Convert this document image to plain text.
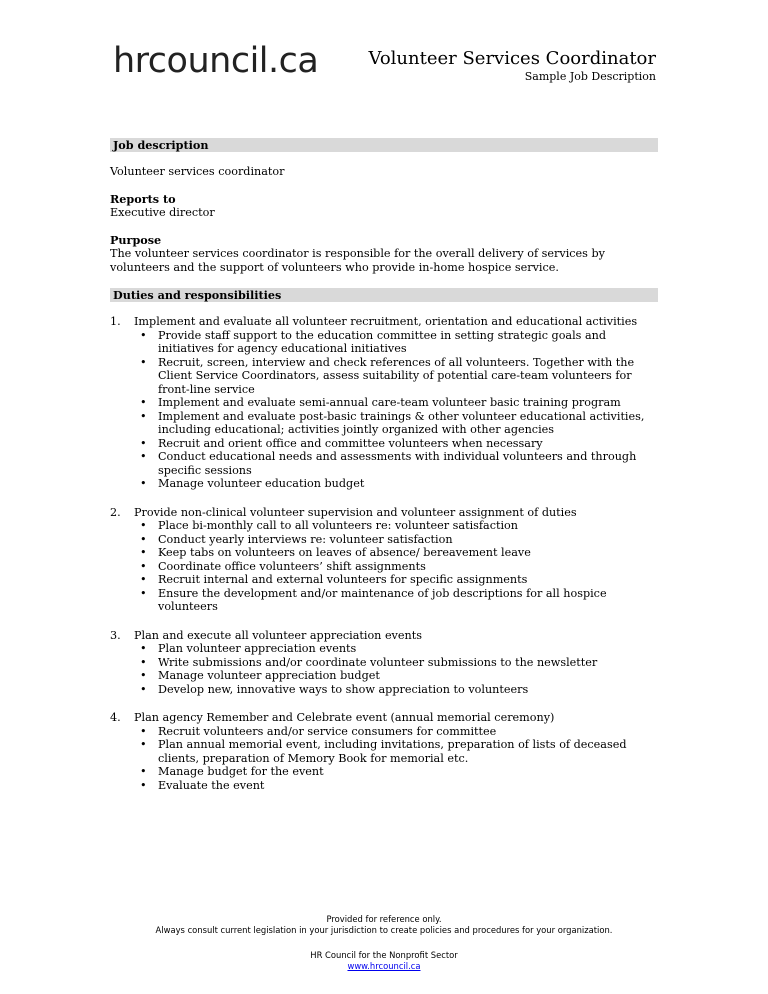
hrcouncil.ca	Volunteer Services Coordinator
Sample Job Description
Job description
Volunteer services coordinator
Reports to
Executive director
Purpose
The volunteer services coordinator is responsible for the overall delivery of services by volunteers and the support of volunteers who provide in-home hospice service.
Duties and responsibilities
1. Implement and evaluate all volunteer recruitment, orientation and educational activities
• Provide staff support to the education committee in setting strategic goals and initiatives for agency educational initiatives
• Recruit, screen, interview and check references of all volunteers. Together with the Client Service Coordinators, assess suitability of potential care-team volunteers for front-line service
• Implement and evaluate semi-annual care-team volunteer basic training program
• Implement and evaluate post-basic trainings & other volunteer educational activities, including educational; activities jointly organized with other agencies
• Recruit and orient office and committee volunteers when necessary
• Conduct educational needs and assessments with individual volunteers and through specific sessions
• Manage volunteer education budget
2. Provide non-clinical volunteer supervision and volunteer assignment of duties
• Place bi-monthly call to all volunteers re: volunteer satisfaction
• Conduct yearly interviews re: volunteer satisfaction
• Keep tabs on volunteers on leaves of absence/ bereavement leave
• Coordinate office volunteers’ shift assignments
• Recruit internal and external volunteers for specific assignments
• Ensure the development and/or maintenance of job descriptions for all hospice volunteers
3. Plan and execute all volunteer appreciation events
• Plan volunteer appreciation events
• Write submissions and/or coordinate volunteer submissions to the newsletter
• Manage volunteer appreciation budget
• Develop new, innovative ways to show appreciation to volunteers
4. Plan agency Remember and Celebrate event (annual memorial ceremony)
• Recruit volunteers and/or service consumers for committee
• Plan annual memorial event, including invitations, preparation of lists of deceased clients, preparation of Memory Book for memorial etc.
• Manage budget for the event
• Evaluate the event
Provided for reference only.
Always consult current legislation in your jurisdiction to create policies and procedures for your organization.
HR Council for the Nonprofit Sector
www.hrcouncil.ca
